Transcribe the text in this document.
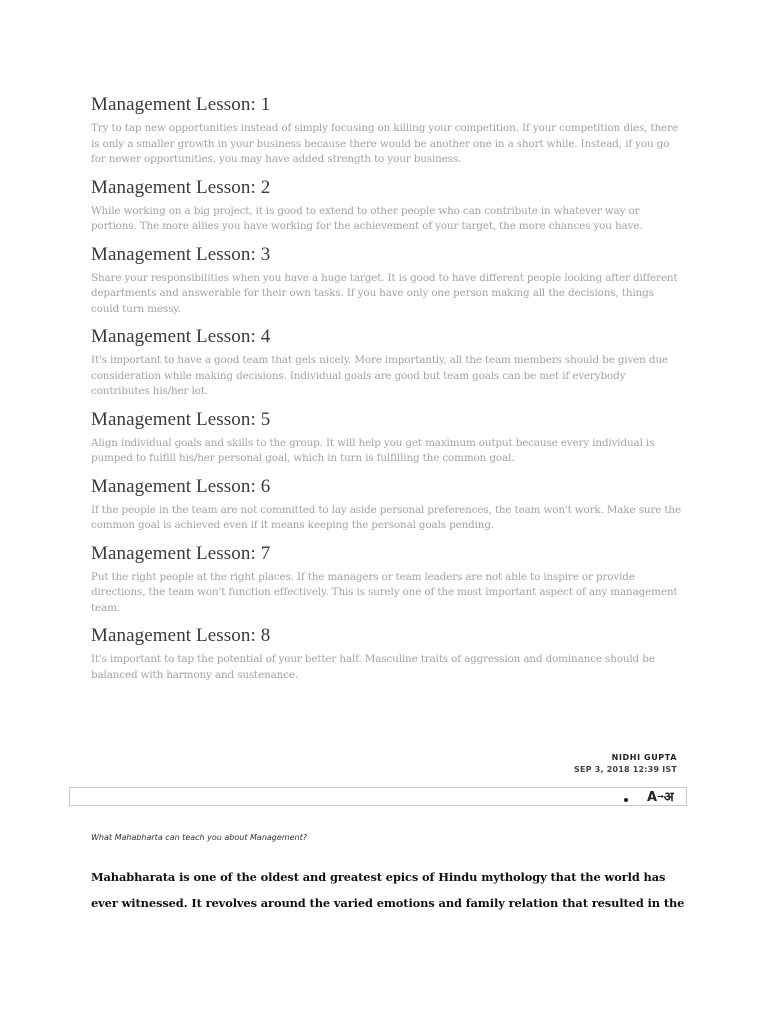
Management Lesson: 1

Try to tap new opportunities instead of simply focusing on killing your competition. If your competition dies, there is only a smaller growth in your business because there would be another one in a short while. Instead, if you go for newer opportunities, you may have added strength to your business.

Management Lesson: 2

While working on a big project, it is good to extend to other people who can contribute in whatever way or portions. The more allies you have working for the achievement of your target, the more chances you have.

Management Lesson: 3

Share your responsibilities when you have a huge target. It is good to have different people looking after different departments and answerable for their own tasks. If you have only one person making all the decisions, things could turn messy.

Management Lesson: 4

It's important to have a good team that gels nicely. More importantly, all the team members should be given due consideration while making decisions. Individual goals are good but team goals can be met if everybody contributes his/her lot.

Management Lesson: 5

Align individual goals and skills to the group. It will help you get maximum output because every individual is pumped to fulfill his/her personal goal, which in turn is fulfilling the common goal.

Management Lesson: 6

If the people in the team are not committed to lay aside personal preferences, the team won't work. Make sure the common goal is achieved even if it means keeping the personal goals pending.

Management Lesson: 7

Put the right people at the right places. If the managers or team leaders are not able to inspire or provide directions, the team won't function effectively. This is surely one of the most important aspect of any management team.

Management Lesson: 8

It's important to tap the potential of your better half. Masculine traits of aggression and dominance should be balanced with harmony and sustenance.

NIDHI GUPTA
SEP 3, 2018 12:39 IST
A→अ
What Mahabharta can teach you about Management?

Mahabharata is one of the oldest and greatest epics of Hindu mythology that the world has ever witnessed. It revolves around the varied emotions and family relation that resulted in the
